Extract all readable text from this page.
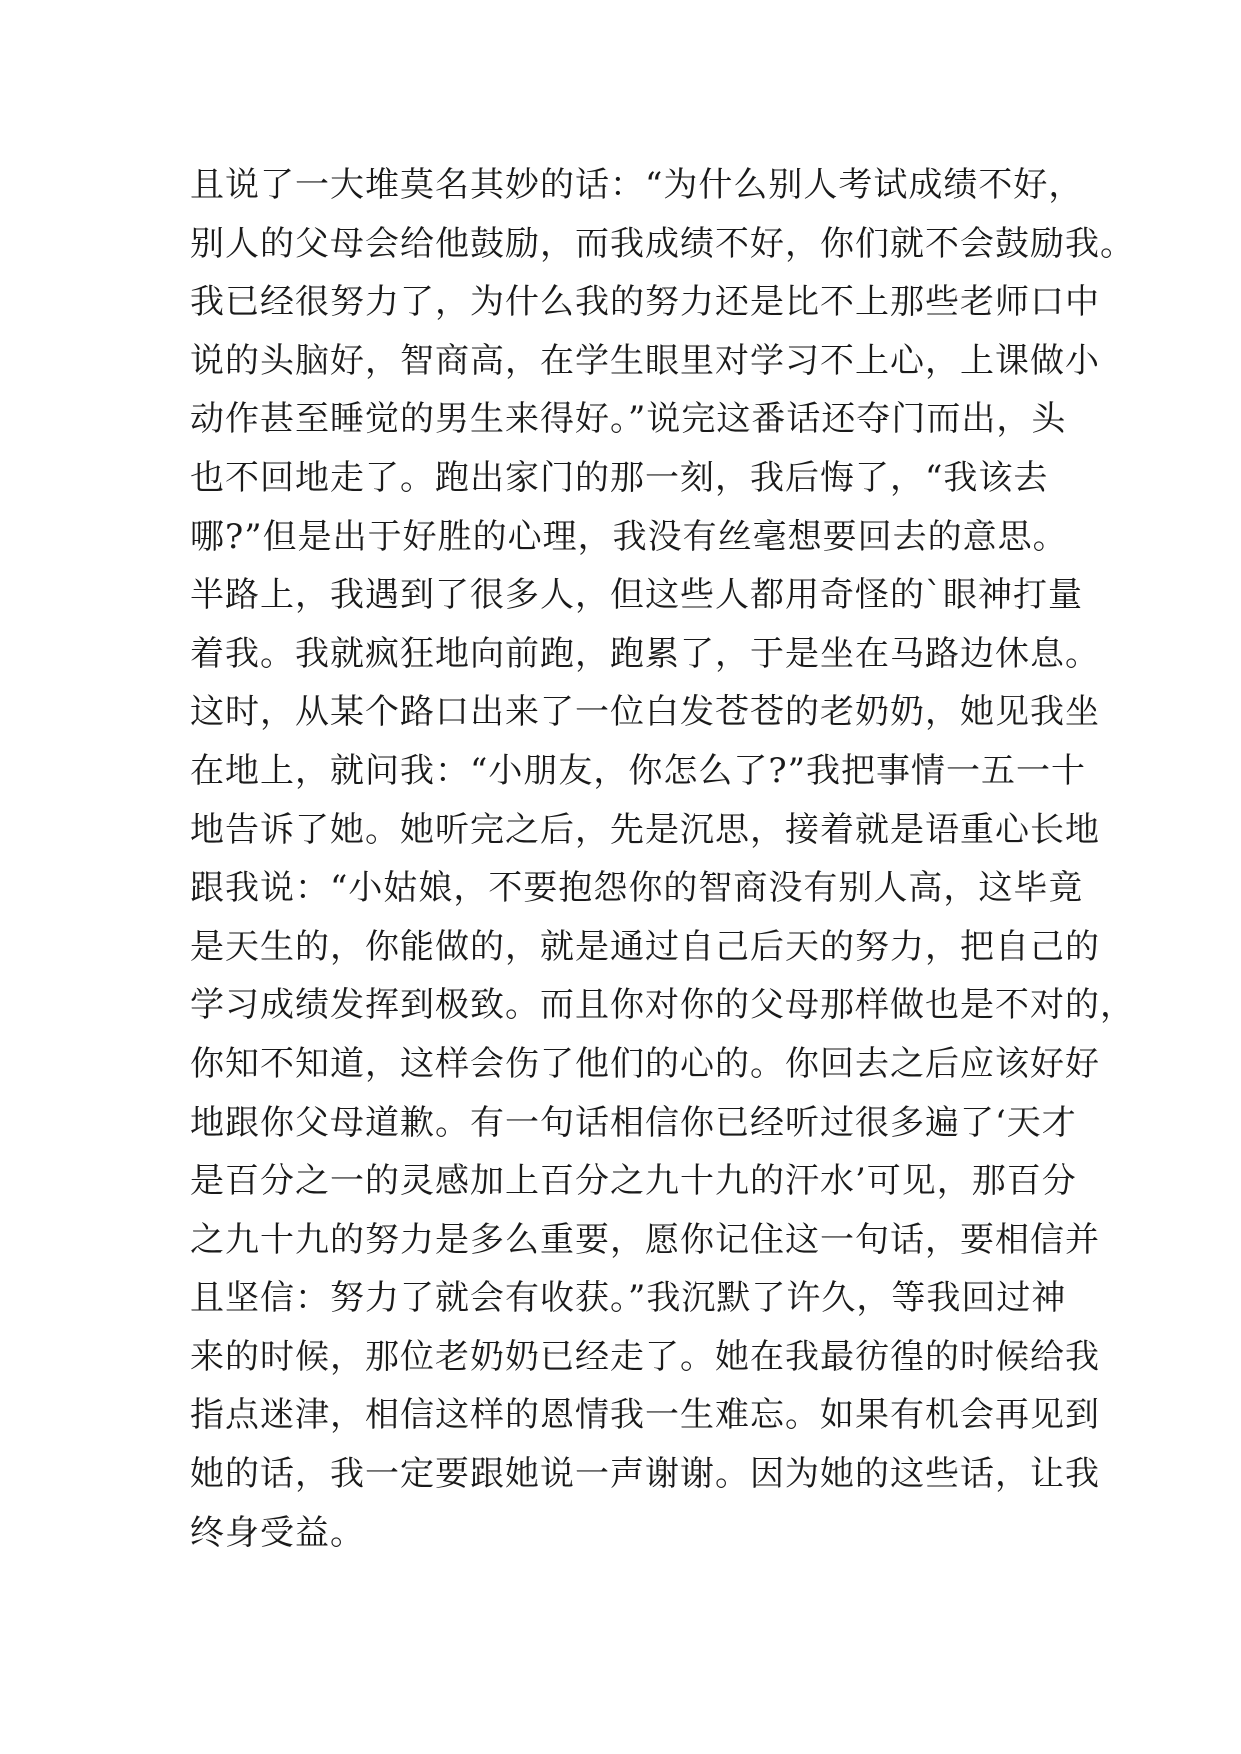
且说了一大堆莫名其妙的话：“为什么别人考试成绩不好，
别人的父母会给他鼓励，而我成绩不好，你们就不会鼓励我。
我已经很努力了，为什么我的努力还是比不上那些老师口中
说的头脑好，智商高，在学生眼里对学习不上心，上课做小
动作甚至睡觉的男生来得好。”说完这番话还夺门而出，头
也不回地走了。跑出家门的那一刻，我后悔了，“我该去
哪?”但是出于好胜的心理，我没有丝毫想要回去的意思。
半路上，我遇到了很多人，但这些人都用奇怪的`眼神打量
着我。我就疯狂地向前跑，跑累了，于是坐在马路边休息。
这时，从某个路口出来了一位白发苍苍的老奶奶，她见我坐
在地上，就问我：“小朋友，你怎么了?”我把事情一五一十
地告诉了她。她听完之后，先是沉思，接着就是语重心长地
跟我说：“小姑娘，不要抱怨你的智商没有别人高，这毕竟
是天生的，你能做的，就是通过自己后天的努力，把自己的
学习成绩发挥到极致。而且你对你的父母那样做也是不对的，
你知不知道，这样会伤了他们的心的。你回去之后应该好好
地跟你父母道歉。有一句话相信你已经听过很多遍了‘天才
是百分之一的灵感加上百分之九十九的汗水’可见，那百分
之九十九的努力是多么重要，愿你记住这一句话，要相信并
且坚信：努力了就会有收获。”我沉默了许久，等我回过神
来的时候，那位老奶奶已经走了。她在我最彷徨的时候给我
指点迷津，相信这样的恩情我一生难忘。如果有机会再见到
她的话，我一定要跟她说一声谢谢。因为她的这些话，让我
终身受益。
